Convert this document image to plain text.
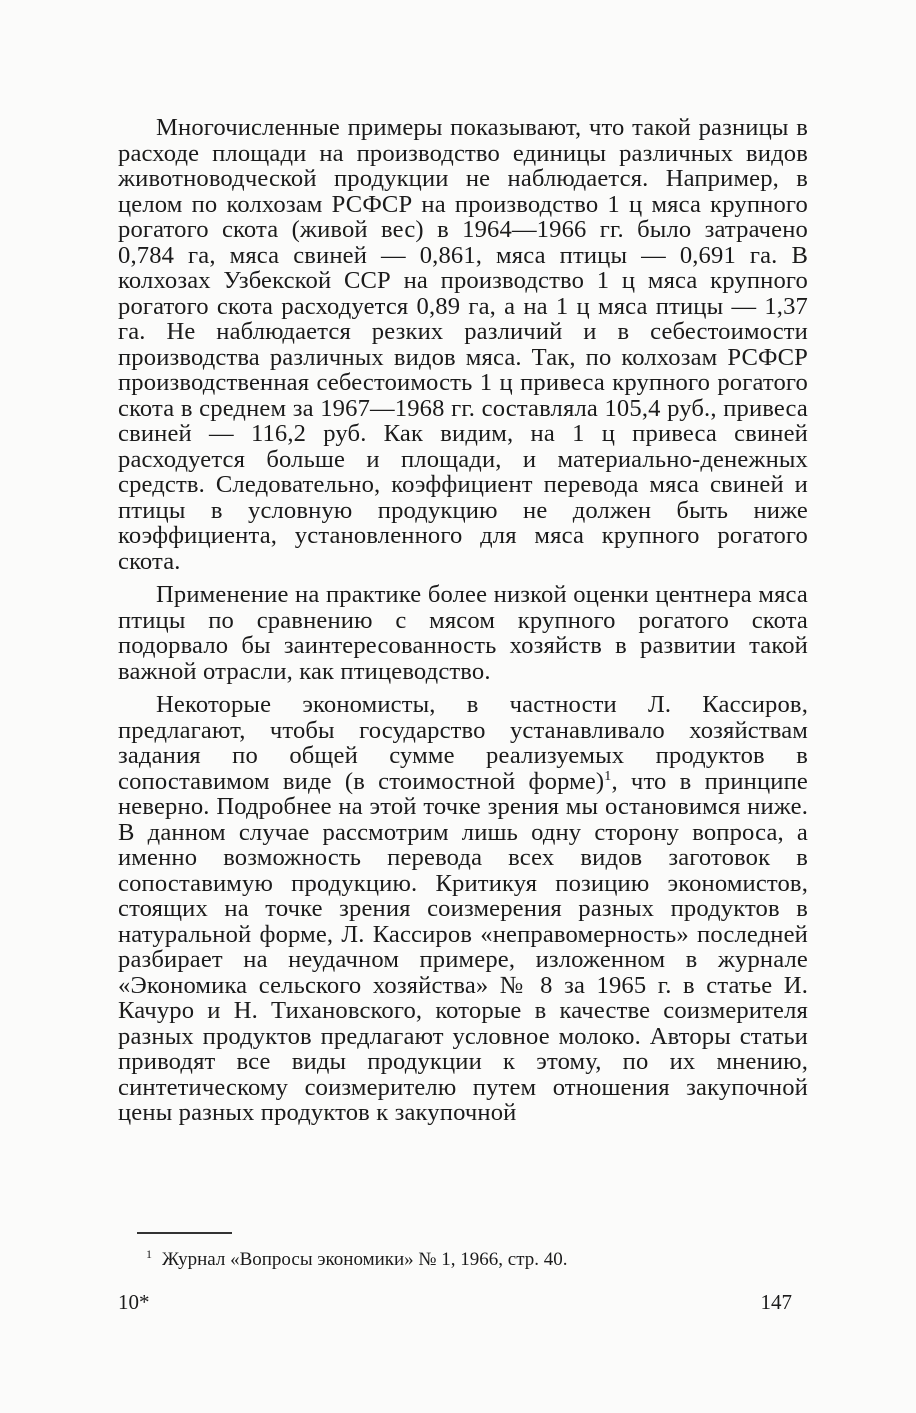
Многочисленные примеры показывают, что такой разницы в расходе площади на производство единицы различных видов животноводческой продукции не наблюдается. Например, в целом по колхозам РСФСР на производство 1 ц мяса крупного рогатого скота (живой вес) в 1964—1966 гг. было затрачено 0,784 га, мяса свиней — 0,861, мяса птицы — 0,691 га. В колхозах Узбекской ССР на производство 1 ц мяса крупного рогатого скота расходуется 0,89 га, а на 1 ц мяса птицы — 1,37 га. Не наблюдается резких различий и в себестоимости производства различных видов мяса. Так, по колхозам РСФСР производственная себестоимость 1 ц привеса крупного рогатого скота в среднем за 1967—1968 гг. составляла 105,4 руб., привеса свиней — 116,2 руб. Как видим, на 1 ц привеса свиней расходуется больше и площади, и материально-денежных средств. Следовательно, коэффициент перевода мяса свиней и птицы в условную продукцию не должен быть ниже коэффициента, установленного для мяса крупного рогатого скота.

Применение на практике более низкой оценки центнера мяса птицы по сравнению с мясом крупного рогатого скота подорвало бы заинтересованность хозяйств в развитии такой важной отрасли, как птицеводство.

Некоторые экономисты, в частности Л. Кассиров, предлагают, чтобы государство устанавливало хозяйствам задания по общей сумме реализуемых продуктов в сопоставимом виде (в стоимостной форме)$^1$, что в принципе неверно. Подробнее на этой точке зрения мы остановимся ниже. В данном случае рассмотрим лишь одну сторону вопроса, а именно возможность перевода всех видов заготовок в сопоставимую продукцию. Критикуя позицию экономистов, стоящих на точке зрения соизмерения разных продуктов в натуральной форме, Л. Кассиров «неправомерность» последней разбирает на неудачном примере, изложенном в журнале «Экономика сельского хозяйства» № 8 за 1965 г. в статье И. Качуро и Н. Тихановского, которые в качестве соизмерителя разных продуктов предлагают условное молоко. Авторы статьи приводят все виды продукции к этому, по их мнению, синтетическому соизмерителю путем отношения закупочной цены разных продуктов к закупочной

$^1$ Журнал «Вопросы экономики» № 1, 1966, стр. 40.
10*	147
